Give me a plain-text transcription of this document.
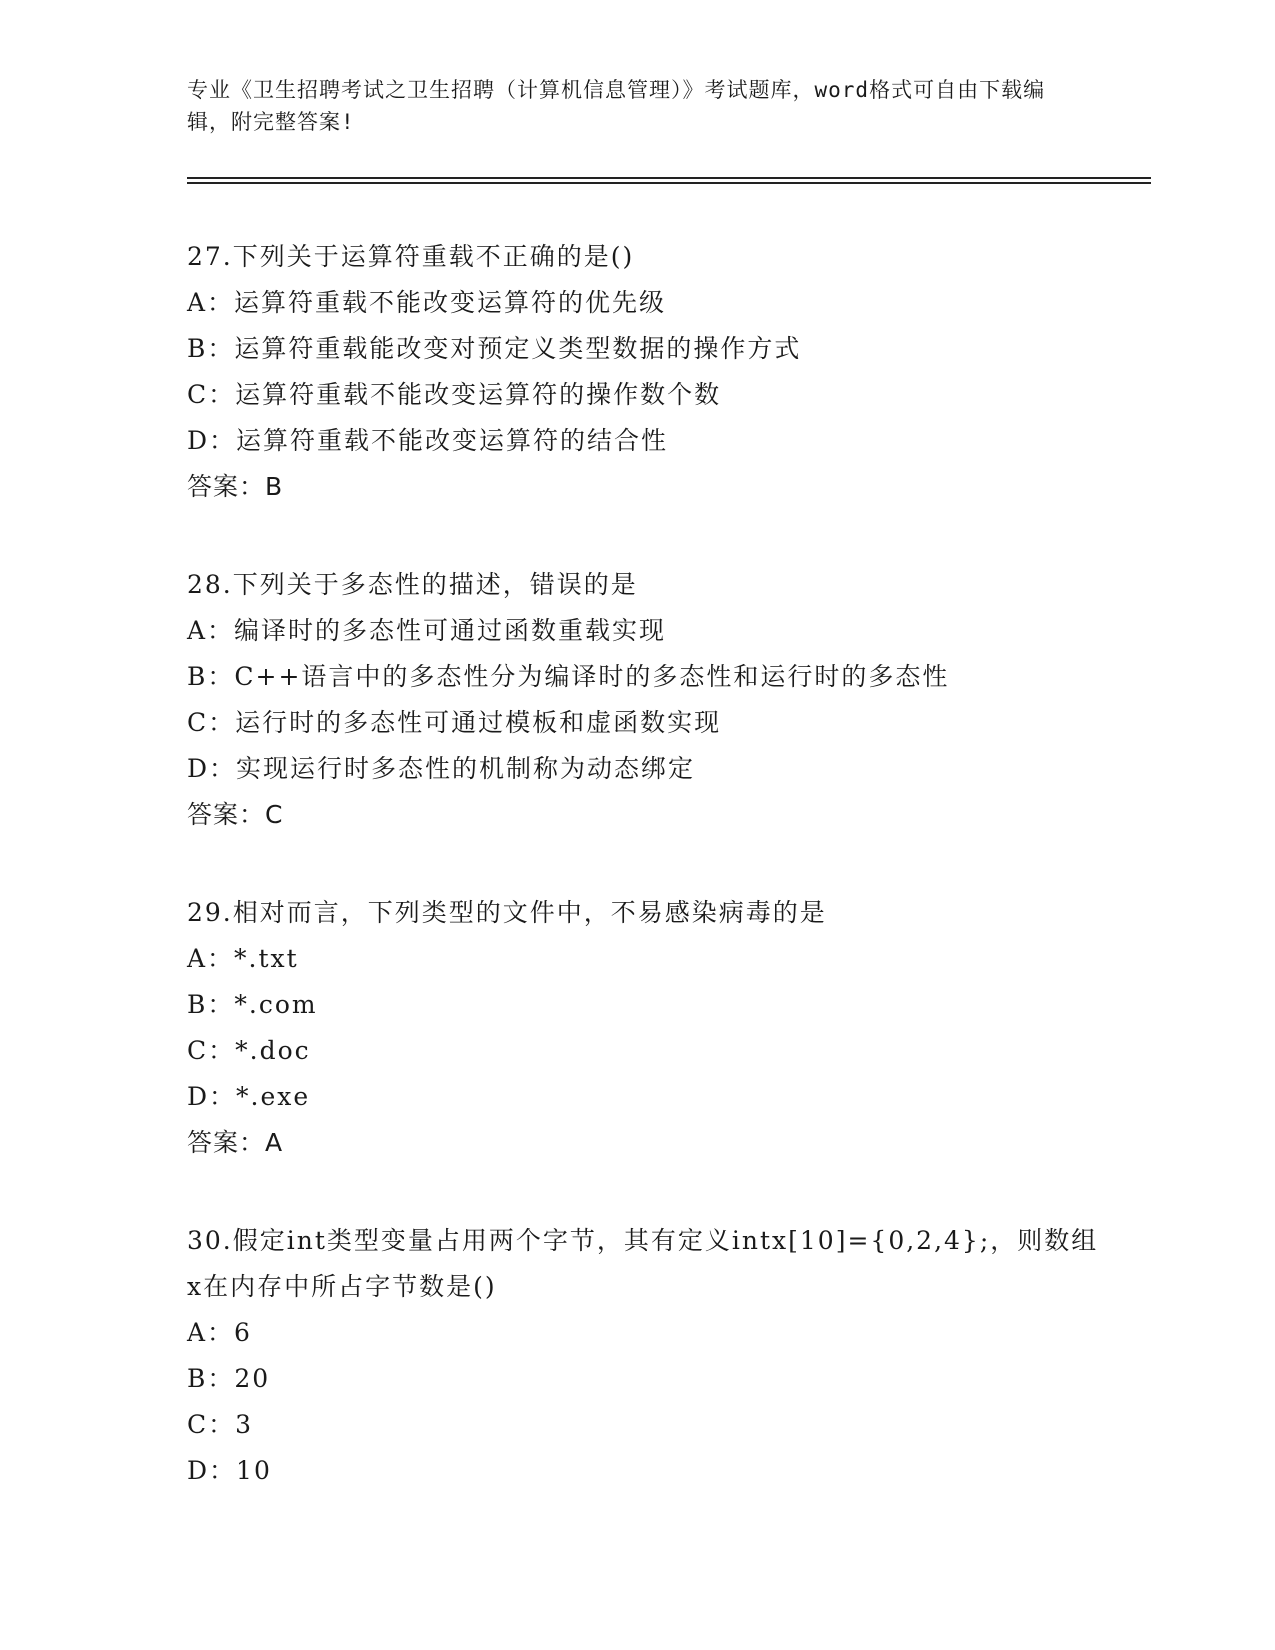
专业《卫生招聘考试之卫生招聘（计算机信息管理）》考试题库，word格式可自由下载编辑，附完整答案!
27.下列关于运算符重载不正确的是()
A：运算符重载不能改变运算符的优先级
B：运算符重载能改变对预定义类型数据的操作方式
C：运算符重载不能改变运算符的操作数个数
D：运算符重载不能改变运算符的结合性
答案：B
28.下列关于多态性的描述，错误的是
A：编译时的多态性可通过函数重载实现
B：C++语言中的多态性分为编译时的多态性和运行时的多态性
C：运行时的多态性可通过模板和虚函数实现
D：实现运行时多态性的机制称为动态绑定
答案：C
29.相对而言，下列类型的文件中，不易感染病毒的是
A：*.txt
B：*.com
C：*.doc
D：*.exe
答案：A
30.假定int类型变量占用两个字节，其有定义intx[10]={0,2,4};，则数组x在内存中所占字节数是()
A：6
B：20
C：3
D：10
